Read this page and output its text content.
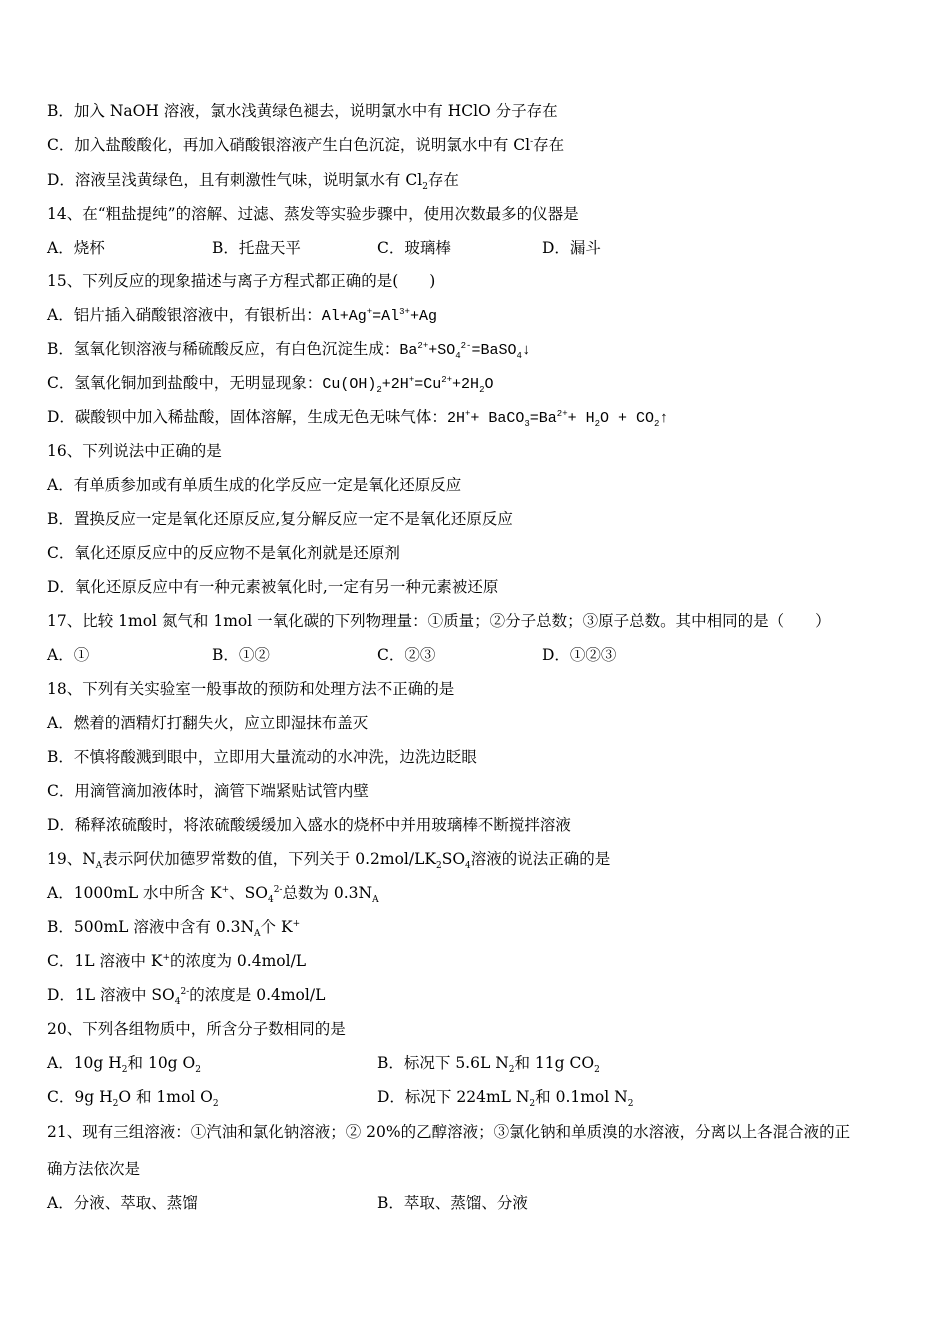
B．加入 NaOH 溶液，氯水浅黄绿色褪去，说明氯水中有 HClO 分子存在
C．加入盐酸酸化，再加入硝酸银溶液产生白色沉淀，说明氯水中有 Cl-存在
D．溶液呈浅黄绿色，且有刺激性气味，说明氯水有 $Cl_2$存在
14、在“粗盐提纯”的溶解、过滤、蒸发等实验步骤中，使用次数最多的仪器是
A．烧杯	B．托盘天平	C．玻璃棒	D．漏斗
15、下列反应的现象描述与离子方程式都正确的是(　　)
A．铝片插入硝酸银溶液中，有银析出：$Al+Ag^+=Al^{3+}+Ag$
B．氢氧化钡溶液与稀硫酸反应，有白色沉淀生成：$Ba^{2+}+SO_4^{2-}=BaSO_4↓$
C．氢氧化铜加到盐酸中，无明显现象：$Cu(OH)_2+2H^+=Cu^{2+}+2H_2O$
D．碳酸钡中加入稀盐酸，固体溶解，生成无色无味气体：$2H^++ BaCO_3=Ba^{2+}+ H_2O$ + $CO_2↑$
16、下列说法中正确的是
A．有单质参加或有单质生成的化学反应一定是氧化还原反应
B．置换反应一定是氧化还原反应,复分解反应一定不是氧化还原反应
C．氧化还原反应中的反应物不是氧化剂就是还原剂
D．氧化还原反应中有一种元素被氧化时,一定有另一种元素被还原
17、比较 1mol 氮气和 1mol 一氧化碳的下列物理量：①质量；②分子总数；③原子总数。其中相同的是（　　）
A．①	B．①②	C．②③	D．①②③
18、下列有关实验室一般事故的预防和处理方法不正确的是
A．燃着的酒精灯打翻失火，应立即湿抹布盖灭
B．不慎将酸溅到眼中，立即用大量流动的水冲洗，边洗边眨眼
C．用滴管滴加液体时，滴管下端紧贴试管内壁
D．稀释浓硫酸时，将浓硫酸缓缓加入盛水的烧杯中并用玻璃棒不断搅拌溶液
19、$N_A$表示阿伏加德罗常数的值，下列关于 $0.2mol/LK_2SO_4$溶液的说法正确的是
A．1000mL 水中所含 K+、$SO_4^{2-}$总数为 $0.3N_A$
B．500mL 溶液中含有 $0.3N_A$个 K+
C．1L 溶液中 K+的浓度为 0.4mol/L
D．1L 溶液中 $SO_4^{2-}$的浓度是 0.4mol/L
20、下列各组物质中，所含分子数相同的是
A．10g $H_2$和 10g $O_2$	B．标况下 5.6L $N_2$和 11g $CO_2$
C．9g $H_2O$ 和 1mol $O_2$	D．标况下 224mL $N_2$和 0.1mol $N_2$
21、现有三组溶液：①汽油和氯化钠溶液；② 20%的乙醇溶液；③氯化钠和单质溴的水溶液，分离以上各混合液的正
确方法依次是
A．分液、萃取、蒸馏	B．萃取、蒸馏、分液
